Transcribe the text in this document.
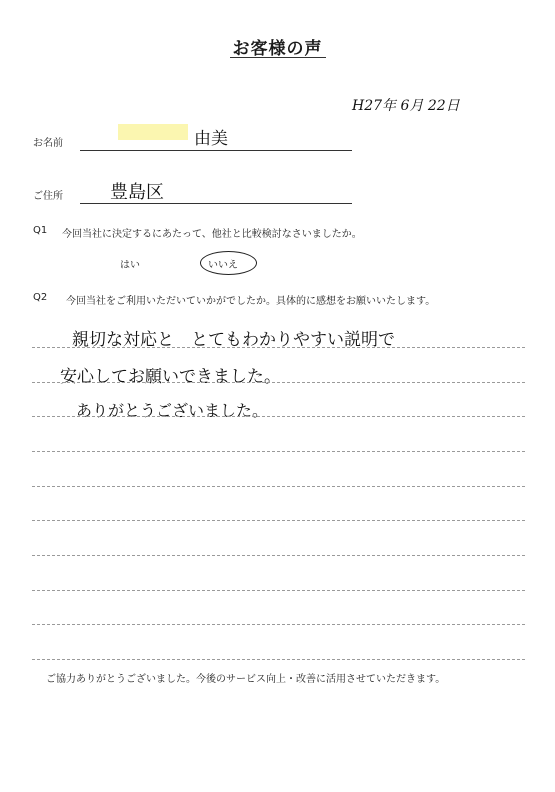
お客様の声
H27年 6月 22日
お名前	由美
ご住所	豊島区
Q1 今回当社に決定するにあたって、他社と比較検討なさいましたか。
はい	いいえ
Q2 今回当社をご利用いただいていかがでしたか。具体的に感想をお願いいたします。
親切な対応と　とてもわかりやすい説明で
安心してお願いできました。
ありがとうございました。
ご協力ありがとうございました。今後のサービス向上・改善に活用させていただきます。
